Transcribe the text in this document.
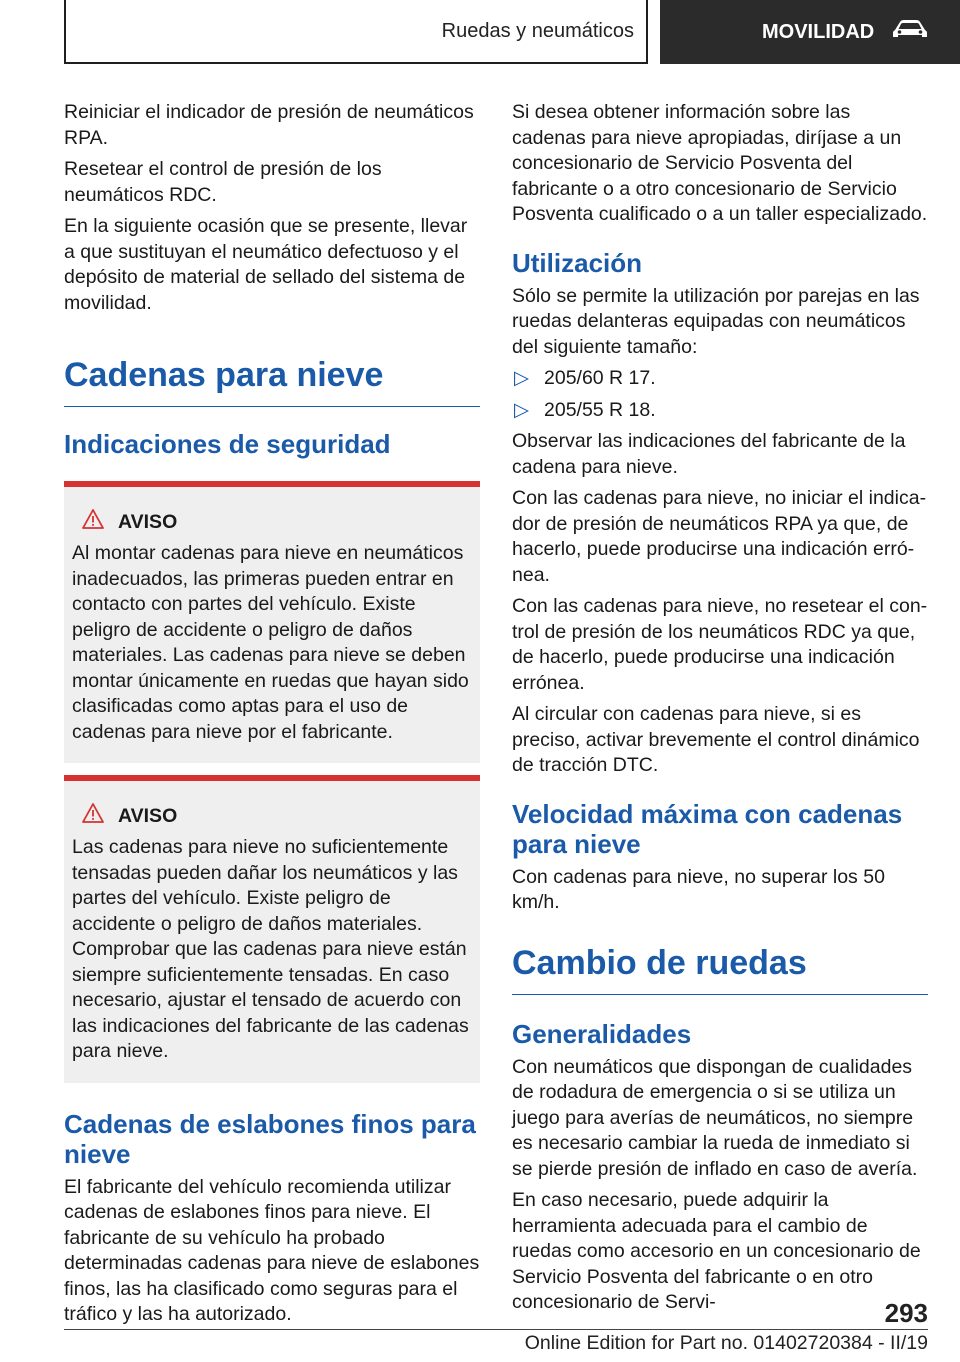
Ruedas y neumáticos	MOVILIDAD

Reiniciar el indicador de presión de neumáticos RPA.

Resetear el control de presión de los neumáticos RDC.

En la siguiente ocasión que se presente, llevar a que sustituyan el neumático defectuoso y el depósito de material de sellado del sistema de movilidad.

Cadenas para nieve
Indicaciones de seguridad
AVISO

Al montar cadenas para nieve en neumáticos inadecuados, las primeras pueden entrar en contacto con partes del vehículo. Existe peligro de accidente o peligro de daños materiales. Las cadenas para nieve se deben montar únicamente en ruedas que hayan sido clasificadas como aptas para el uso de cadenas para nieve por el fabricante.

AVISO

Las cadenas para nieve no suficientemente tensadas pueden dañar los neumáticos y las partes del vehículo. Existe peligro de accidente o peligro de daños materiales. Comprobar que las cadenas para nieve están siempre suficientemente tensadas. En caso necesario, ajustar el tensado de acuerdo con las indicaciones del fabricante de las cadenas para nieve.

Cadenas de eslabones finos para nieve

El fabricante del vehículo recomienda utilizar cadenas de eslabones finos para nieve. El fabricante de su vehículo ha probado determinadas cadenas para nieve de eslabones finos, las ha clasificado como seguras para el tráfico y las ha autorizado.

Si desea obtener información sobre las cadenas para nieve apropiadas, diríjase a un concesionario de Servicio Posventa del fabricante o a otro concesionario de Servicio Posventa cualificado o a un taller especializado.

Utilización

Sólo se permite la utilización por parejas en las ruedas delanteras equipadas con neumáticos del siguiente tamaño:

▷ 205/60 R 17.
▷ 205/55 R 18.

Observar las indicaciones del fabricante de la cadena para nieve.

Con las cadenas para nieve, no iniciar el indicador de presión de neumáticos RPA ya que, de hacerlo, puede producirse una indicación errónea.

Con las cadenas para nieve, no resetear el control de presión de los neumáticos RDC ya que, de hacerlo, puede producirse una indicación errónea.

Al circular con cadenas para nieve, si es preciso, activar brevemente el control dinámico de tracción DTC.

Velocidad máxima con cadenas para nieve

Con cadenas para nieve, no superar los 50 km/h.

Cambio de ruedas
Generalidades

Con neumáticos que dispongan de cualidades de rodadura de emergencia o si se utiliza un juego para averías de neumáticos, no siempre es necesario cambiar la rueda de inmediato si se pierde presión de inflado en caso de avería.

En caso necesario, puede adquirir la herramienta adecuada para el cambio de ruedas como accesorio en un concesionario de Servicio Posventa del fabricante o en otro concesionario de Servi-	293
Online Edition for Part no. 01402720384 - II/19
